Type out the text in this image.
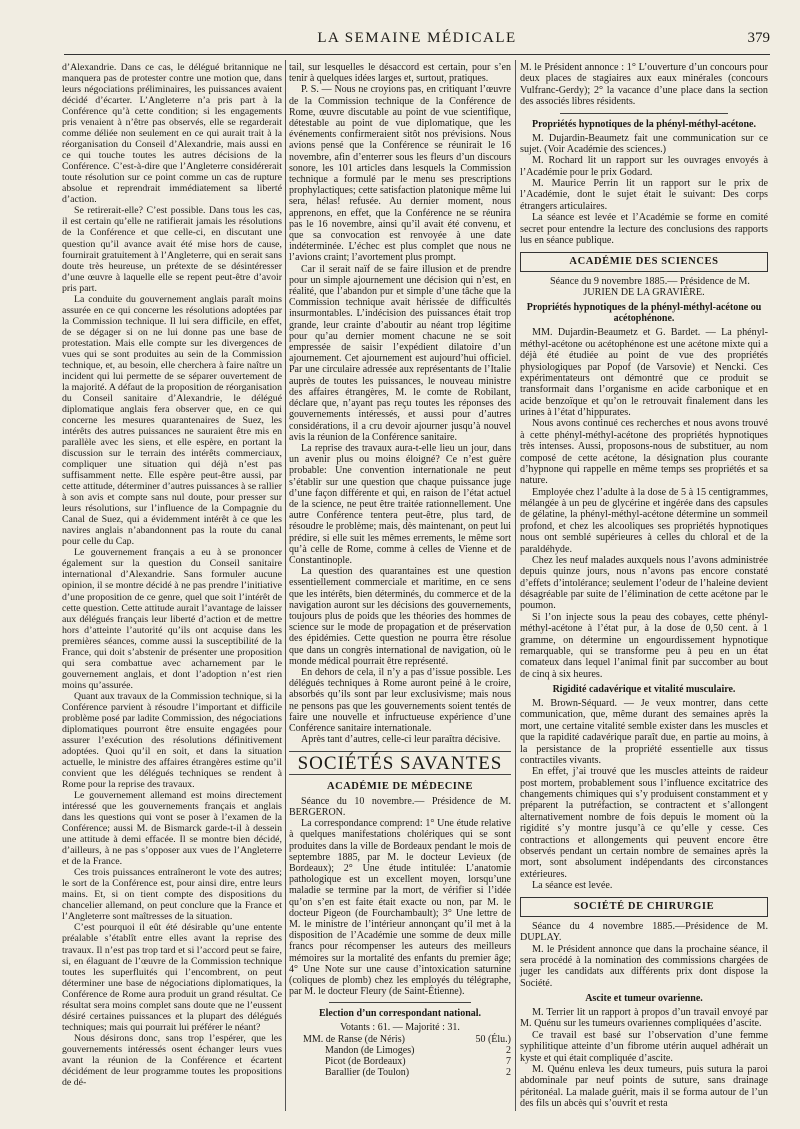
LA SEMAINE MÉDICALE	379

d’Alexandrie. Dans ce cas, le délégué britannique ne manquera pas de protester contre une motion que, dans leurs négociations préliminaires, les puissances avaient décidé d’écarter. L’Angleterre n’a pris part à la Conférence qu’à cette condition; si les engagements pris venaient à n’être pas observés, elle se regarderait comme déliée non seulement en ce qui aurait trait à la réorganisation du Conseil d’Alexandrie, mais aussi en ce qui touche toutes les autres décisions de la Conférence. C’est-à-dire que l’Angleterre considérerait toute résolution sur ce point comme un cas de rupture absolue et reprendrait immédiatement sa liberté d’action.

Se retirerait-elle? C’est possible. Dans tous les cas, il est certain qu’elle ne ratifierait jamais les résolutions de la Conférence et que celle-ci, en discutant une question qu’il avance avait été mise hors de cause, fournirait gratuitement à l’Angleterre, qui en serait sans doute très heureuse, un prétexte de se désintéresser d’une œuvre à laquelle elle se repent peut-être d’avoir pris part.

La conduite du gouvernement anglais paraît moins assurée en ce qui concerne les résolutions adoptées par la Commission technique. Il lui sera difficile, en effet, de se dégager si on ne lui donne pas une base de protestation. Mais elle compte sur les divergences de vues qui se sont produites au sein de la Commission technique, et, au besoin, elle cherchera à faire naître un incident qui lui permette de se séparer ouvertement de la majorité. A défaut de la proposition de réorganisation du Conseil sanitaire d’Alexandrie, le délégué diplomatique anglais fera observer que, en ce qui concerne les mesures quarantenaires de Suez, les intérêts des autres puissances ne sauraient être mis en parallèle avec les siens, et elle espère, en portant la discussion sur le terrain des intérêts commerciaux, compliquer une situation qui déjà n’est pas suffisamment nette. Elle espère peut-être aussi, par cette attitude, déterminer d’autres puissances à se rallier à son avis et compte sans nul doute, pour presser sur leurs résolutions, sur l’influence de la Compagnie du Canal de Suez, qui a évidemment intérêt à ce que les navires anglais n’abandonnent pas la route du canal pour celle du Cap.

Le gouvernement français a eu à se prononcer également sur la question du Conseil sanitaire international d’Alexandrie. Sans formuler aucune opinion, il se montre décidé à ne pas prendre l’initiative d’une proposition de ce genre, quel que soit l’intérêt de cette question. Cette attitude aurait l’avantage de laisser aux délégués français leur liberté d’action et de mettre hors d’atteinte l’autorité qu’ils ont acquise dans les premières séances, comme aussi la susceptibilité de la France, qui doit s’abstenir de présenter une proposition qui sera combattue avec acharnement par le gouvernement anglais, et dont l’adoption n’est rien moins qu’assurée.

Quant aux travaux de la Commission technique, si la Conférence parvient à résoudre l’important et difficile problème posé par ladite Commission, des négociations diplomatiques pourront être ensuite engagées pour assurer l’exécution des résolutions définitivement adoptées. Quoi qu’il en soit, et dans la situation actuelle, le ministre des affaires étrangères estime qu’il convient que les délégués techniques se rendent à Rome pour la reprise des travaux.

Le gouvernement allemand est moins directement intéressé que les gouvernements français et anglais dans les questions qui vont se poser à l’examen de la Conférence; aussi M. de Bismarck garde-t-il à dessein une attitude à demi effacée. Il se montre bien décidé, d’ailleurs, à ne pas s’opposer aux vues de l’Angleterre et de la France.

Ces trois puissances entraîneront le vote des autres; le sort de la Conférence est, pour ainsi dire, entre leurs mains. Et, si on tient compte des dispositions du chancelier allemand, on peut conclure que la France et l’Angleterre sont maîtresses de la situation.

C’est pourquoi il eût été désirable qu’une entente préalable s’établît entre elles avant la reprise des travaux. Il n’est pas trop tard et si l’accord peut se faire, si, en élaguant de l’œuvre de la Commission technique toutes les superfluités qui l’encombrent, on peut déterminer une base de négociations diplomatiques, la Conférence de Rome aura produit un grand résultat. Ce résultat sera moins complet sans doute que ne l’eussent désiré certaines puissances et la plupart des délégués techniques; mais qui pourrait lui préférer le néant?

Nous désirons donc, sans trop l’espérer, que les gouvernements intéressés osent échanger leurs vues avant la réunion de la Conférence et écartent décidément de leur programme toutes les propositions de dé-

tail, sur lesquelles le désaccord est certain, pour s’en tenir à quelques idées larges et, surtout, pratiques.

P. S. — Nous ne croyions pas, en critiquant l’œuvre de la Commission technique de la Conférence de Rome, œuvre discutable au point de vue scientifique, détestable au point de vue diplomatique, que les événements confirmeraient sitôt nos prévisions. Nous avions pensé que la Conférence se réunirait le 16 novembre, afin d’enterrer sous les fleurs d’un discours sonore, les 101 articles dans lesquels la Commission technique a formulé par le menu ses prescriptions prophylactiques; cette satisfaction platonique même lui sera, hélas! refusée. Au dernier moment, nous apprenons, en effet, que la Conférence ne se réunira pas le 16 novembre, ainsi qu’il avait été convenu, et que sa convocation est renvoyée à une date indéterminée. L’échec est plus complet que nous ne l’avions craint; l’avortement plus prompt.

Car il serait naïf de se faire illusion et de prendre pour un simple ajournement une décision qui n’est, en réalité, que l’abandon pur et simple d’une tâche que la Commission technique avait hérissée de difficultés insurmontables. L’indécision des puissances était trop grande, leur crainte d’aboutir au néant trop légitime pour qu’au dernier moment chacune ne se soit empressée de saisir l’expédient dilatoire d’un ajournement. Cet ajournement est aujourd’hui officiel. Par une circulaire adressée aux représentants de l’Italie auprès de toutes les puissances, le nouveau ministre des affaires étrangères, M. le comte de Robilant, déclare que, n’ayant pas reçu toutes les réponses des gouvernements intéressés, et aussi pour d’autres considérations, il a cru devoir ajourner jusqu’à nouvel avis la réunion de la Conférence sanitaire.

La reprise des travaux aura-t-elle lieu un jour, dans un avenir plus ou moins éloigné? Ce n’est guère probable: Une convention internationale ne peut s’établir sur une question que chaque puissance juge d’une façon différente et qui, en raison de l’état actuel de la science, ne peut être traitée rationnellement. Une autre Conférence tentera peut-être, plus tard, de résoudre le problème; mais, dès maintenant, on peut lui prédire, si elle suit les mêmes errements, le même sort qu’à celle de Rome, comme à celles de Vienne et de Constantinople.

La question des quarantaines est une question essentiellement commerciale et maritime, en ce sens que les intérêts, bien déterminés, du commerce et de la navigation auront sur les décisions des gouvernements, toujours plus de poids que les théories des hommes de science sur le mode de propagation et de préservation des épidémies. Cette question ne pourra être résolue que dans un congrès international de navigation, où le monde médical pourrait être représenté.

En dehors de cela, il n’y a pas d’issue possible. Les délégués techniques à Rome auront peiné à le croire, absorbés qu’ils sont par leur exclusivisme; mais nous ne pensons pas que les gouvernements soient tentés de faire une nouvelle et infructueuse expérience d’une Conférence sanitaire internationale.

Après tant d’autres, celle-ci leur paraîtra décisive.

SOCIÉTÉS SAVANTES
ACADÉMIE DE MÉDECINE

Séance du 10 novembre.— Présidence de M. BERGERON.

La correspondance comprend: 1° Une étude relative à quelques manifestations cholériques qui se sont produites dans la ville de Bordeaux pendant le mois de septembre 1885, par M. le docteur Levieux (de Bordeaux); 2° Une étude intitulée: L’anatomie pathologique est un excellent moyen, lorsqu’une maladie se termine par la mort, de vérifier si l’idée qu’on s’en est faite était exacte ou non, par M. le docteur Pigeon (de Fourchambault); 3° Une lettre de M. le ministre de l’intérieur annonçant qu’il met à la disposition de l’Académie une somme de deux mille francs pour récompenser les auteurs des meilleurs mémoires sur la mortalité des enfants du premier âge; 4° Une Note sur une cause d’intoxication saturnine (coliques de plomb) chez les employés du télégraphe, par M. le docteur Fleury (de Saint-Étienne).

Election d’un correspondant national.
Votants : 61. — Majorité : 31.
MM. de Ranse (de Néris)	50 (Élu.)
Mandon (de Limoges)	2
Picot (de Bordeaux)	7
Barallier (de Toulon)	2

M. le Président annonce : 1° L’ouverture d’un concours pour deux places de stagiaires aux eaux minérales (concours Vulfranc-Gerdy); 2° la vacance d’une place dans la section des associés libres résidents.

Propriétés hypnotiques de la phényl-méthyl-acétone.

M. Dujardin-Beaumetz fait une communication sur ce sujet. (Voir Académie des sciences.)

M. Rochard lit un rapport sur les ouvrages envoyés à l’Académie pour le prix Godard.

M. Maurice Perrin lit un rapport sur le prix de l’Académie, dont le sujet était le suivant: Des corps étrangers articulaires.

La séance est levée et l’Académie se forme en comité secret pour entendre la lecture des conclusions des rapports lus en séance publique.

ACADÉMIE DES SCIENCES

Séance du 9 novembre 1885.— Présidence de M. JURIEN DE LA GRAVIÈRE.

Propriétés hypnotiques de la phényl-méthyl-acétone ou acétophénone.

MM. Dujardin-Beaumetz et G. Bardet. — La phényl-méthyl-acétone ou acétophénone est une acétone mixte qui a déjà été étudiée au point de vue des propriétés physiologiques par Popof (de Varsovie) et Nencki. Ces expérimentateurs ont démontré que ce produit se transformait dans l’organisme en acide carbonique et en acide benzoïque et qu’on le retrouvait finalement dans les urines à l’état d’hippurates.

Nous avons continué ces recherches et nous avons trouvé à cette phényl-méthyl-acétone des propriétés hypnotiques très intenses. Aussi, proposons-nous de substituer, au nom composé de cette acétone, la désignation plus courante d’hypnone qui rappelle en même temps ses propriétés et sa nature.

Employée chez l’adulte à la dose de 5 à 15 centigrammes, mélangée à un peu de glycérine et ingérée dans des capsules de gélatine, la phényl-méthyl-acétone détermine un sommeil profond, et chez les alcooliques ses propriétés hypnotiques nous ont semblé supérieures à celles du chloral et de la paraldéhyde.

Chez les neuf malades auxquels nous l’avons administrée depuis quinze jours, nous n’avons pas encore constaté d’effets d’intolérance; seulement l’odeur de l’haleine devient désagréable par suite de l’élimination de cette acétone par le poumon.

Si l’on injecte sous la peau des cobayes, cette phényl-méthyl-acétone à l’état pur, à la dose de 0,50 cent. à 1 gramme, on détermine un engourdissement hypnotique remarquable, qui se transforme peu à peu en un état comateux dans lequel l’animal finit par succomber au bout de cinq à six heures.

Rigidité cadavérique et vitalité musculaire.

M. Brown-Séquard. — Je veux montrer, dans cette communication, que, même durant des semaines après la mort, une certaine vitalité semble exister dans les muscles et que la rapidité cadavérique paraît due, en partie au moins, à la persistance de la propriété essentielle aux tissus contractiles vivants.

En effet, j’ai trouvé que les muscles atteints de raideur post mortem, probablement sous l’influence excitatrice des changements chimiques qui s’y produisent constamment et y préparent la putréfaction, se contractent et s’allongent alternativement nombre de fois depuis le moment où la rigidité s’y montre jusqu’à ce qu’elle y cesse. Ces contractions et allongements qui peuvent encore être observés pendant un certain nombre de semaines après la mort, sont absolument indépendants des circonstances extérieures.

La séance est levée.

SOCIÉTÉ DE CHIRURGIE

Séance du 4 novembre 1885.—Présidence de M. DUPLAY.

M. le Président annonce que dans la prochaine séance, il sera procédé à la nomination des commissions chargées de juger les candidats aux différents prix dont dispose la Société.

Ascite et tumeur ovarienne.

M. Terrier lit un rapport à propos d’un travail envoyé par M. Quénu sur les tumeurs ovariennes compliquées d’ascite.

Ce travail est basé sur l’observation d’une femme syphilitique atteinte d’un fibrome utérin auquel adhérait un kyste et qui était compliquée d’ascite.

M. Quénu enleva les deux tumeurs, puis sutura la paroi abdominale par neuf points de suture, sans drainage péritonéal. La malade guérit, mais il se forma autour de l’un des fils un abcès qui s’ouvrit et resta
